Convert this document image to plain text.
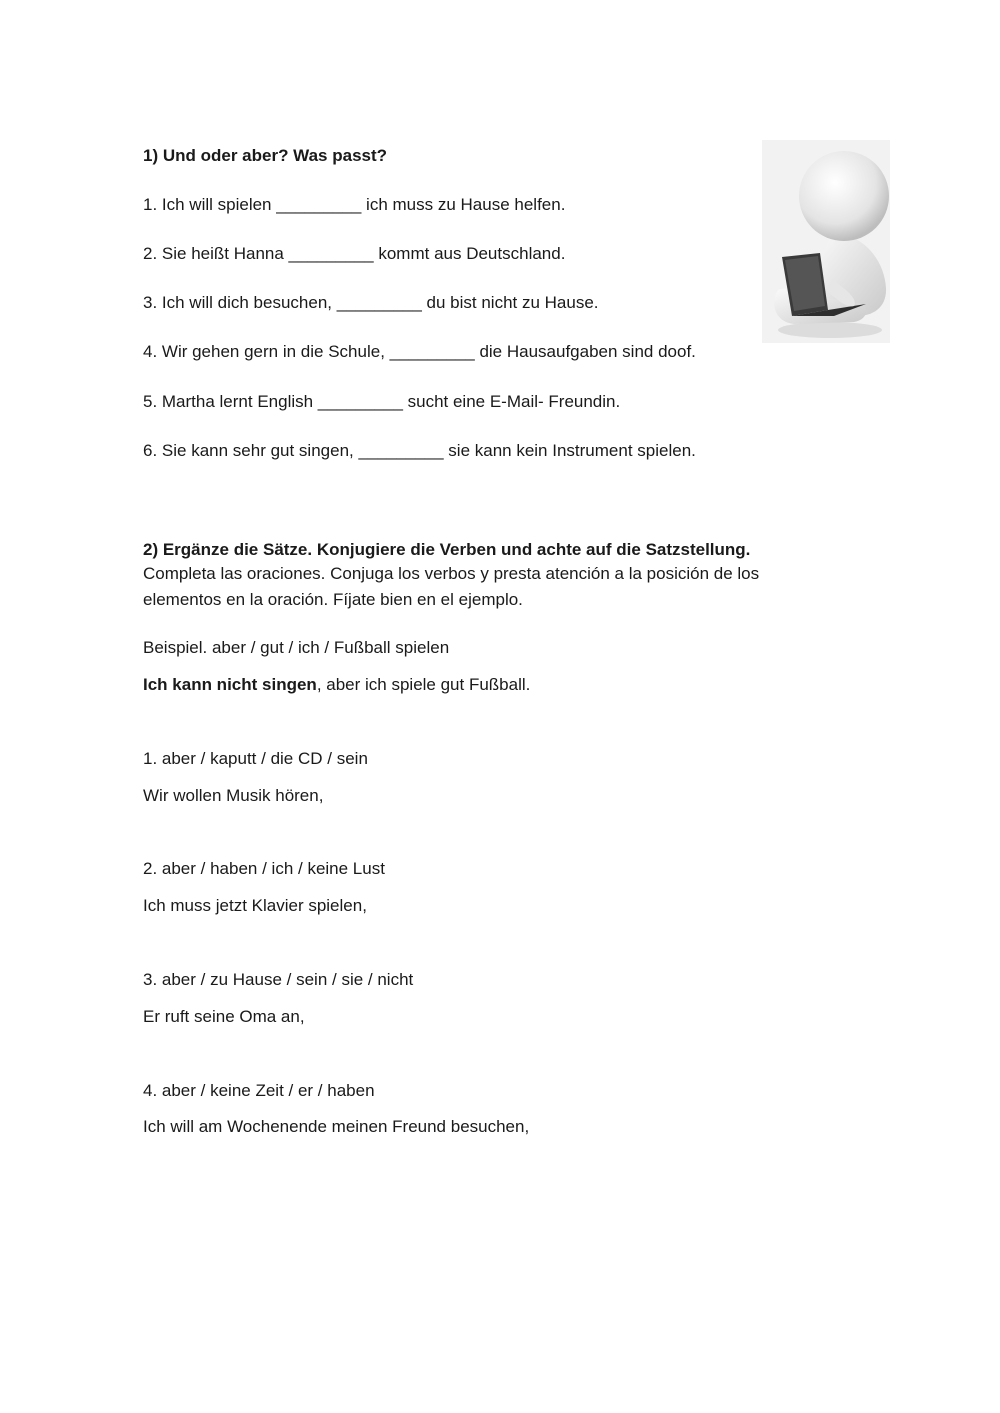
1) Und oder aber? Was passt?
1. Ich will spielen _________ ich muss zu Hause helfen.
2. Sie heißt Hanna _________ kommt aus Deutschland.
3. Ich will dich besuchen, _________ du bist nicht zu Hause.
4. Wir gehen gern in die Schule, _________ die Hausaufgaben sind doof.
5. Martha lernt English _________ sucht eine E-Mail- Freundin.
6. Sie kann sehr gut singen, _________ sie kann kein Instrument spielen.
2) Ergänze die Sätze. Konjugiere die Verben und achte auf die Satzstellung.
Completa las oraciones. Conjuga los verbos y presta atención a la posición de los
elementos en la oración. Fíjate bien en el ejemplo.
Beispiel. aber / gut / ich / Fußball spielen
Ich kann nicht singen, aber ich spiele gut Fußball.
1. aber / kaputt / die CD / sein
Wir wollen Musik hören,
2. aber / haben / ich / keine Lust
Ich muss jetzt Klavier spielen,
3. aber / zu Hause / sein / sie / nicht
Er ruft seine Oma an,
4. aber / keine Zeit / er / haben
Ich will am Wochenende meinen Freund besuchen,
